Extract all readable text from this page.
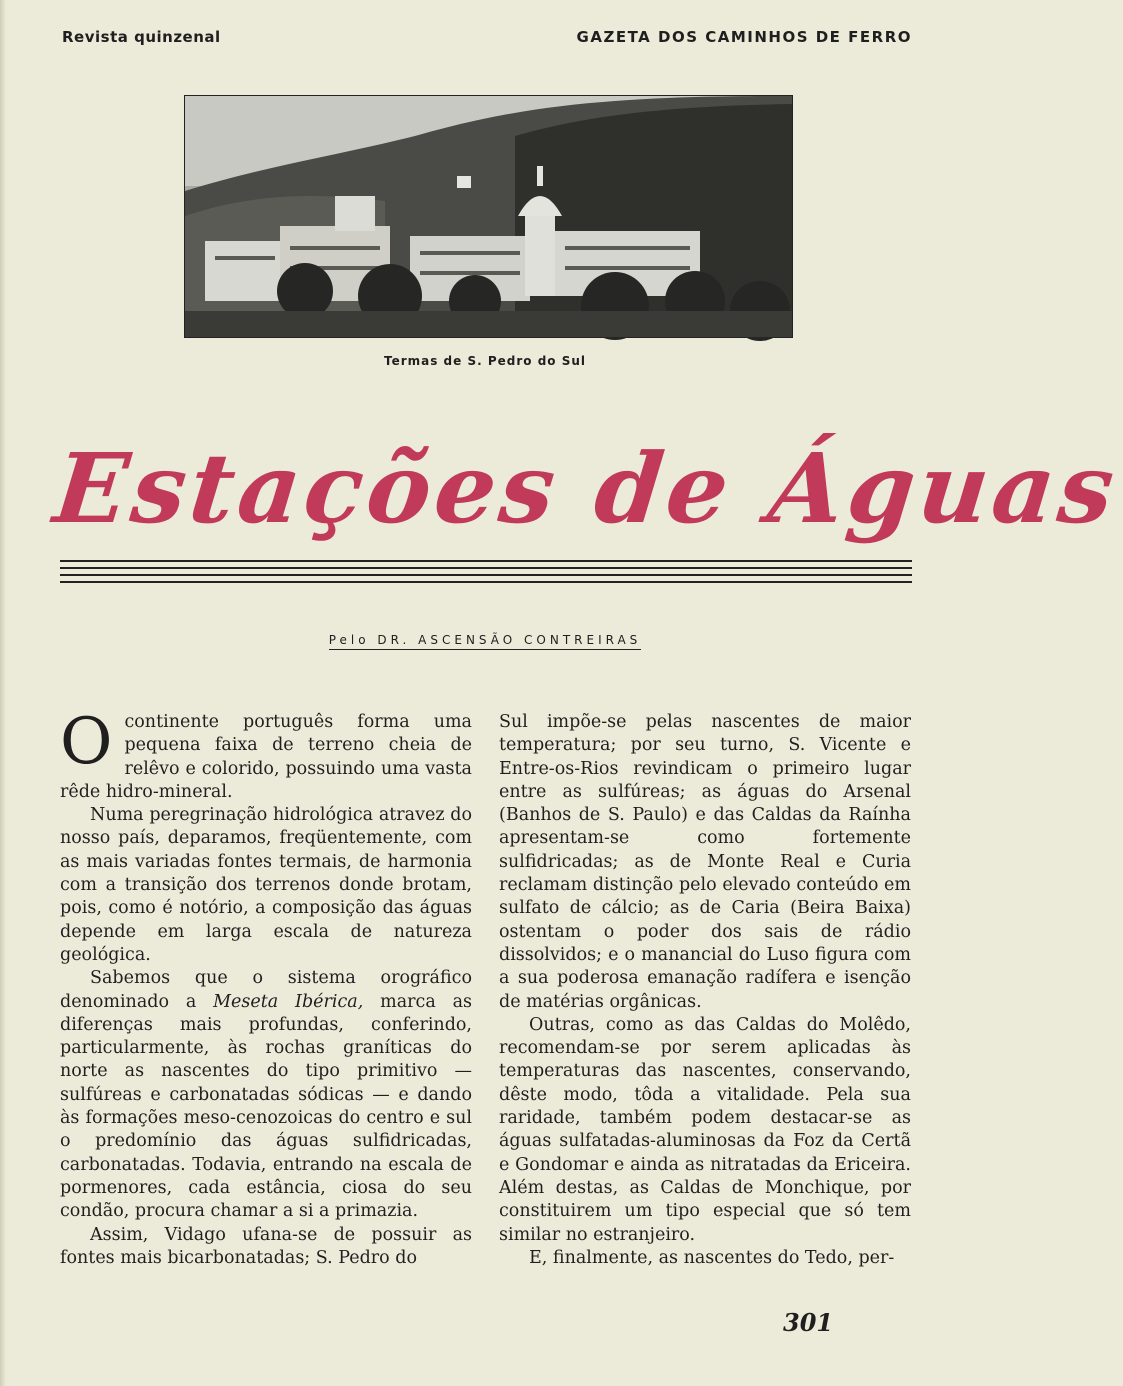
Revista quinzenal	GAZETA DOS CAMINHOS DE FERRO
Termas de S. Pedro do Sul
Estações de Águas
Pelo DR. ASCENSÃO CONTREIRAS

Ocontinente português forma uma pequena faixa de terreno cheia de relêvo e colorido, possuindo uma vasta rêde hidro-mineral.

Numa peregrinação hidrológica atravez do nosso país, deparamos, freqüentemente, com as mais variadas fontes termais, de harmonia com a transição dos terrenos donde brotam, pois, como é notório, a composição das águas depende em larga escala de natureza geológica.

Sabemos que o sistema orográfico denominado a Meseta Ibérica, marca as diferenças mais profundas, conferindo, particularmente, às rochas graníticas do norte as nascentes do tipo primitivo — sulfúreas e carbonatadas sódicas — e dando às formações meso-cenozoicas do centro e sul o predomínio das águas sulfidricadas, carbonatadas. Todavia, entrando na escala de pormenores, cada estância, ciosa do seu condão, procura chamar a si a primazia.

Assim, Vidago ufana-se de possuir as fontes mais bicarbonatadas; S. Pedro do

Sul impõe-se pelas nascentes de maior temperatura; por seu turno, S. Vicente e Entre-os-Rios revindicam o primeiro lugar entre as sulfúreas; as águas do Arsenal (Banhos de S. Paulo) e das Caldas da Raínha apresentam-se como fortemente sulfidricadas; as de Monte Real e Curia reclamam distinção pelo elevado conteúdo em sulfato de cálcio; as de Caria (Beira Baixa) ostentam o poder dos sais de rádio dissolvidos; e o manancial do Luso figura com a sua poderosa emanação radífera e isenção de matérias orgânicas.

Outras, como as das Caldas do Molêdo, recomendam-se por serem aplicadas às temperaturas das nascentes, conservando, dêste modo, tôda a vitalidade. Pela sua raridade, também podem destacar-se as águas sulfatadas-aluminosas da Foz da Certã e Gondomar e ainda as nitratadas da Ericeira. Além destas, as Caldas de Monchique, por constituirem um tipo especial que só tem similar no estranjeiro.

E, finalmente, as nascentes do Tedo, per-

301
